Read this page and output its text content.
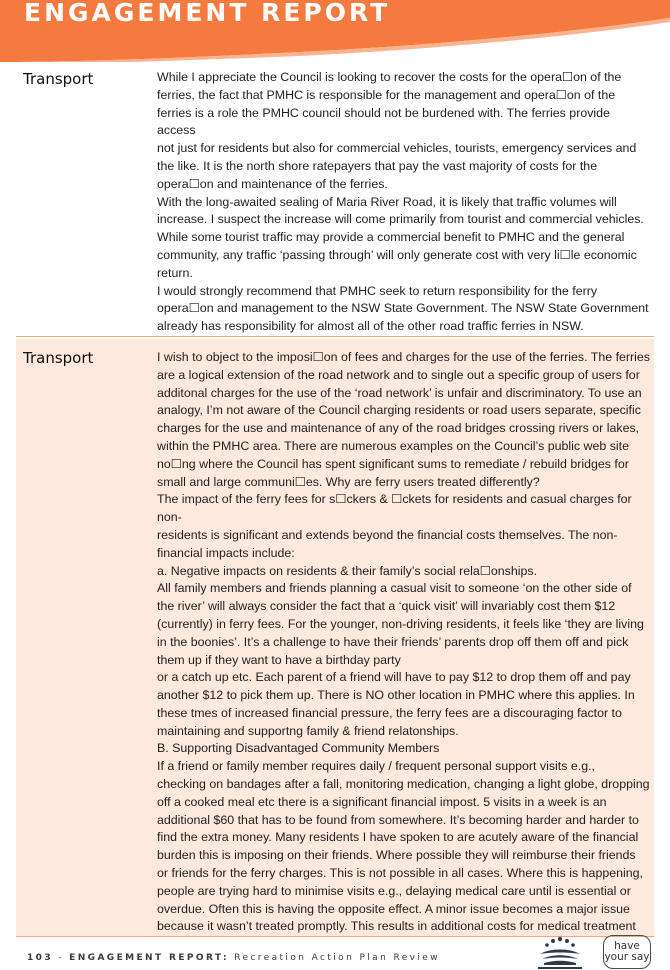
ENGAGEMENT REPORT
Transport	While I appreciate the Council is looking to recover the costs for the opera☐on of the
ferries, the fact that PMHC is responsible for the management and opera☐on of the
ferries is a role the PMHC council should not be burdened with. The ferries provide access
not just for residents but also for commercial vehicles, tourists, emergency services and
the like. It is the north shore ratepayers that pay the vast majority of costs for the
opera☐on and maintenance of the ferries.

With the long-awaited sealing of Maria River Road, it is likely that traffic volumes will
increase. I suspect the increase will come primarily from tourist and commercial vehicles.
While some tourist traffic may provide a commercial benefit to PMHC and the general
community, any traffic ‘passing through’ will only generate cost with very li☐le economic
return.

I would strongly recommend that PMHC seek to return responsibility for the ferry
opera☐on and management to the NSW State Government. The NSW State Government
already has responsibility for almost all of the other road traffic ferries in NSW.

Transport	I wish to object to the imposi☐on of fees and charges for the use of the ferries. The ferries
are a logical extension of the road network and to single out a specific group of users for
additonal charges for the use of the ‘road network’ is unfair and discriminatory. To use an
analogy, I’m not aware of the Council charging residents or road users separate, specific
charges for the use and maintenance of any of the road bridges crossing rivers or lakes,
within the PMHC area. There are numerous examples on the Council’s public web site
no☐ng where the Council has spent significant sums to remediate / rebuild bridges for
small and large communi☐es. Why are ferry users treated differently?

The impact of the ferry fees for s☐ckers & ☐ckets for residents and casual charges for non-
residents is significant and extends beyond the financial costs themselves. The non-
financial impacts include:

a. Negative impacts on residents & their family’s social rela☐onships.

All family members and friends planning a casual visit to someone ‘on the other side of
the river’ will always consider the fact that a ‘quick visit’ will invariably cost them $12
(currently) in ferry fees. For the younger, non-driving residents, it feels like ‘they are living
in the boonies’. It’s a challenge to have their friends’ parents drop off them off and pick
them up if they want to have a birthday party

or a catch up etc. Each parent of a friend will have to pay $12 to drop them off and pay
another $12 to pick them up. There is NO other location in PMHC where this applies. In
these tmes of increased financial pressure, the ferry fees are a discouraging factor to
maintaining and supportng family & friend relatonships.

B. Supporting Disadvantaged Community Members

If a friend or family member requires daily / frequent personal support visits e.g.,
checking on bandages after a fall, monitoring medication, changing a light globe, dropping
off a cooked meal etc there is a significant financial impost. 5 visits in a week is an
additional $60 that has to be found from somewhere. It’s becoming harder and harder to
find the extra money. Many residents I have spoken to are acutely aware of the financial
burden this is imposing on their friends. Where possible they will reimburse their friends
or friends for the ferry charges. This is not possible in all cases. Where this is happening,
people are trying hard to minimise visits e.g., delaying medical care until is essential or
overdue. Often this is having the opposite effect. A minor issue becomes a major issue
because it wasn’t treated promptly. This results in additional costs for medical treatment

103 - ENGAGEMENT REPORT: Recreation Action Plan Review
have
your say
